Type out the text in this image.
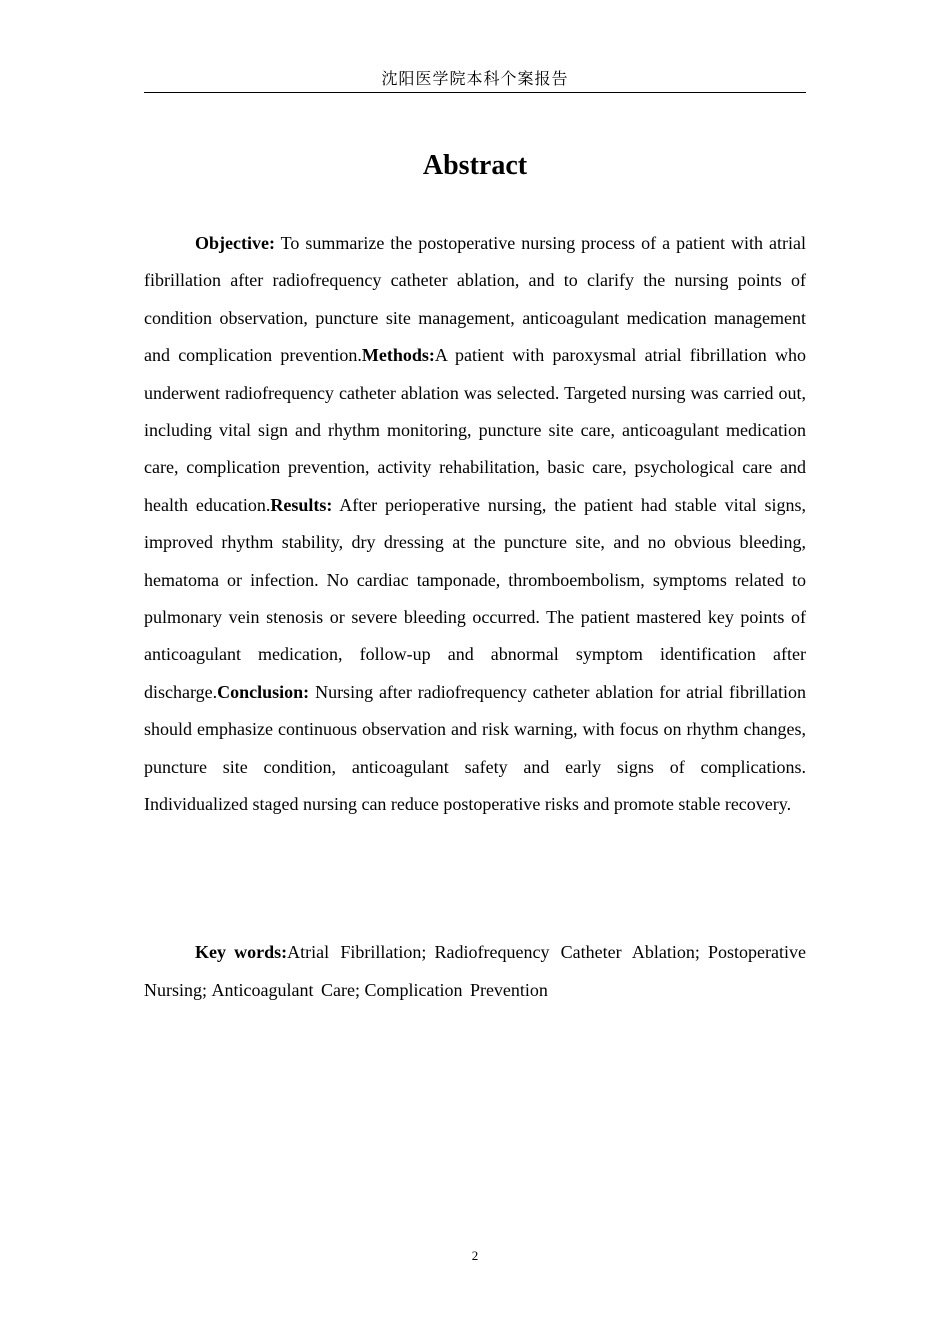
沈阳医学院本科个案报告
Abstract

Objective: To summarize the postoperative nursing process of a patient with atrial fibrillation after radiofrequency catheter ablation, and to clarify the nursing points of condition observation, puncture site management, anticoagulant medication management and complication prevention.Methods:A patient with paroxysmal atrial fibrillation who underwent radiofrequency catheter ablation was selected. Targeted nursing was carried out, including vital sign and rhythm monitoring, puncture site care, anticoagulant medication care, complication prevention, activity rehabilitation, basic care, psychological care and health education.Results: After perioperative nursing, the patient had stable vital signs, improved rhythm stability, dry dressing at the puncture site, and no obvious bleeding, hematoma or infection. No cardiac tamponade, thromboembolism, symptoms related to pulmonary vein stenosis or severe bleeding occurred. The patient mastered key points of anticoagulant medication, follow-up and abnormal symptom identification after discharge.Conclusion: Nursing after radiofrequency catheter ablation for atrial fibrillation should emphasize continuous observation and risk warning, with focus on rhythm changes, puncture site condition, anticoagulant safety and early signs of complications. Individualized staged nursing can reduce postoperative risks and promote stable recovery.

Key words:Atrial Fibrillation; Radiofrequency Catheter Ablation; Postoperative Nursing; Anticoagulant Care; Complication Prevention

2
